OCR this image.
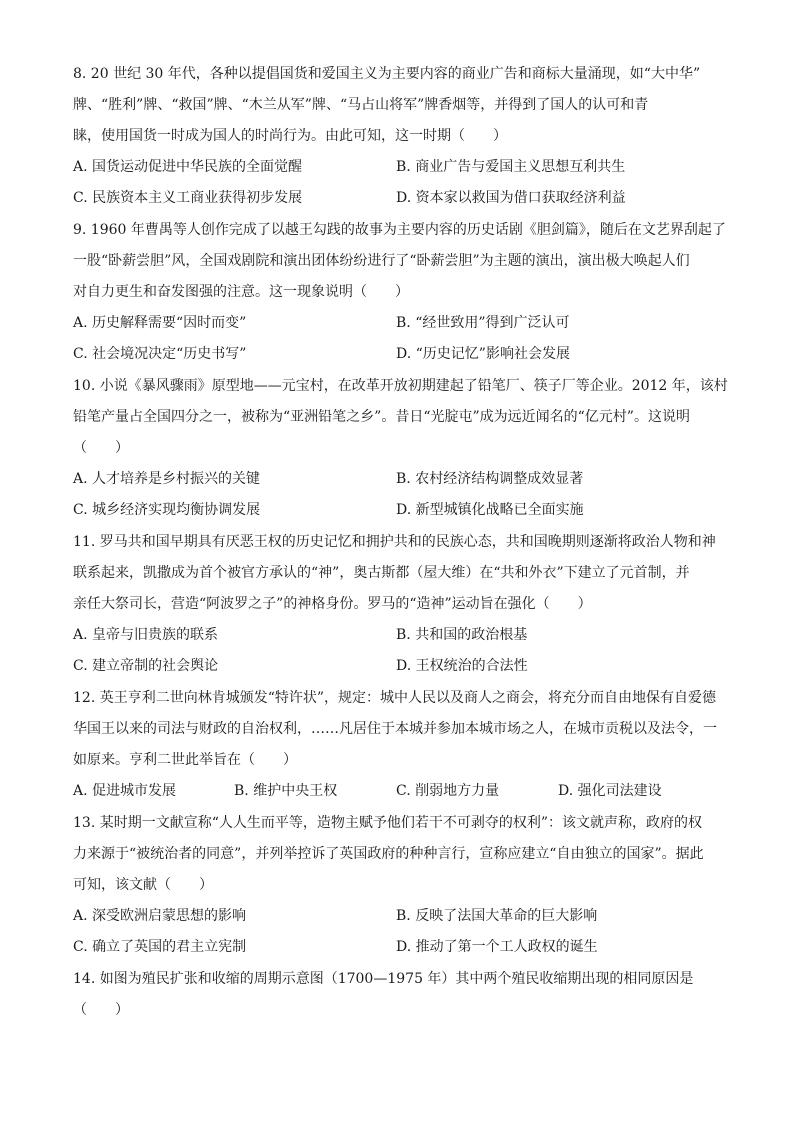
8. 20 世纪 30 年代，各种以提倡国货和爱国主义为主要内容的商业广告和商标大量涌现，如“大中华”
牌、“胜利”牌、“救国”牌、“木兰从军”牌、“马占山将军”牌香烟等，并得到了国人的认可和青
睐，使用国货一时成为国人的时尚行为。由此可知，这一时期（　　）
A. 国货运动促进中华民族的全面觉醒	B. 商业广告与爱国主义思想互利共生
C. 民族资本主义工商业获得初步发展	D. 资本家以救国为借口获取经济利益
9. 1960 年曹禺等人创作完成了以越王勾践的故事为主要内容的历史话剧《胆剑篇》，随后在文艺界刮起了
一股“卧薪尝胆”风，全国戏剧院和演出团体纷纷进行了“卧薪尝胆”为主题的演出，演出极大唤起人们
对自力更生和奋发图强的注意。这一现象说明（　　）
A. 历史解释需要“因时而变”	B. “经世致用”得到广泛认可
C. 社会境况决定“历史书写”	D. “历史记忆”影响社会发展
10. 小说《暴风骤雨》原型地——元宝村，在改革开放初期建起了铅笔厂、筷子厂等企业。2012 年，该村
铅笔产量占全国四分之一，被称为“亚洲铅笔之乡”。昔日“光腚屯”成为远近闻名的“亿元村”。这说明
（　　）
A. 人才培养是乡村振兴的关键	B. 农村经济结构调整成效显著
C. 城乡经济实现均衡协调发展	D. 新型城镇化战略已全面实施
11. 罗马共和国早期具有厌恶王权的历史记忆和拥护共和的民族心态，共和国晚期则逐渐将政治人物和神
联系起来，凯撒成为首个被官方承认的“神”，奥古斯都（屋大维）在“共和外衣”下建立了元首制，并
亲任大祭司长，营造“阿波罗之子”的神格身份。罗马的“造神”运动旨在强化（　　）
A. 皇帝与旧贵族的联系	B. 共和国的政治根基
C. 建立帝制的社会舆论	D. 王权统治的合法性
12. 英王亨利二世向林肯城颁发“特许状”，规定：城中人民以及商人之商会，将充分而自由地保有自爱德
华国王以来的司法与财政的自治权利，……凡居住于本城并参加本城市场之人，在城市贡税以及法令，一
如原来。亨利二世此举旨在（　　）
A. 促进城市发展	B. 维护中央王权	C. 削弱地方力量	D. 强化司法建设
13. 某时期一文献宣称“人人生而平等，造物主赋予他们若干不可剥夺的权利”：该文就声称，政府的权
力来源于“被统治者的同意”，并列举控诉了英国政府的种种言行，宣称应建立“自由独立的国家”。据此
可知，该文献（　　）
A. 深受欧洲启蒙思想的影响	B. 反映了法国大革命的巨大影响
C. 确立了英国的君主立宪制	D. 推动了第一个工人政权的诞生
14. 如图为殖民扩张和收缩的周期示意图（1700—1975 年）其中两个殖民收缩期出现的相同原因是
（　　）
